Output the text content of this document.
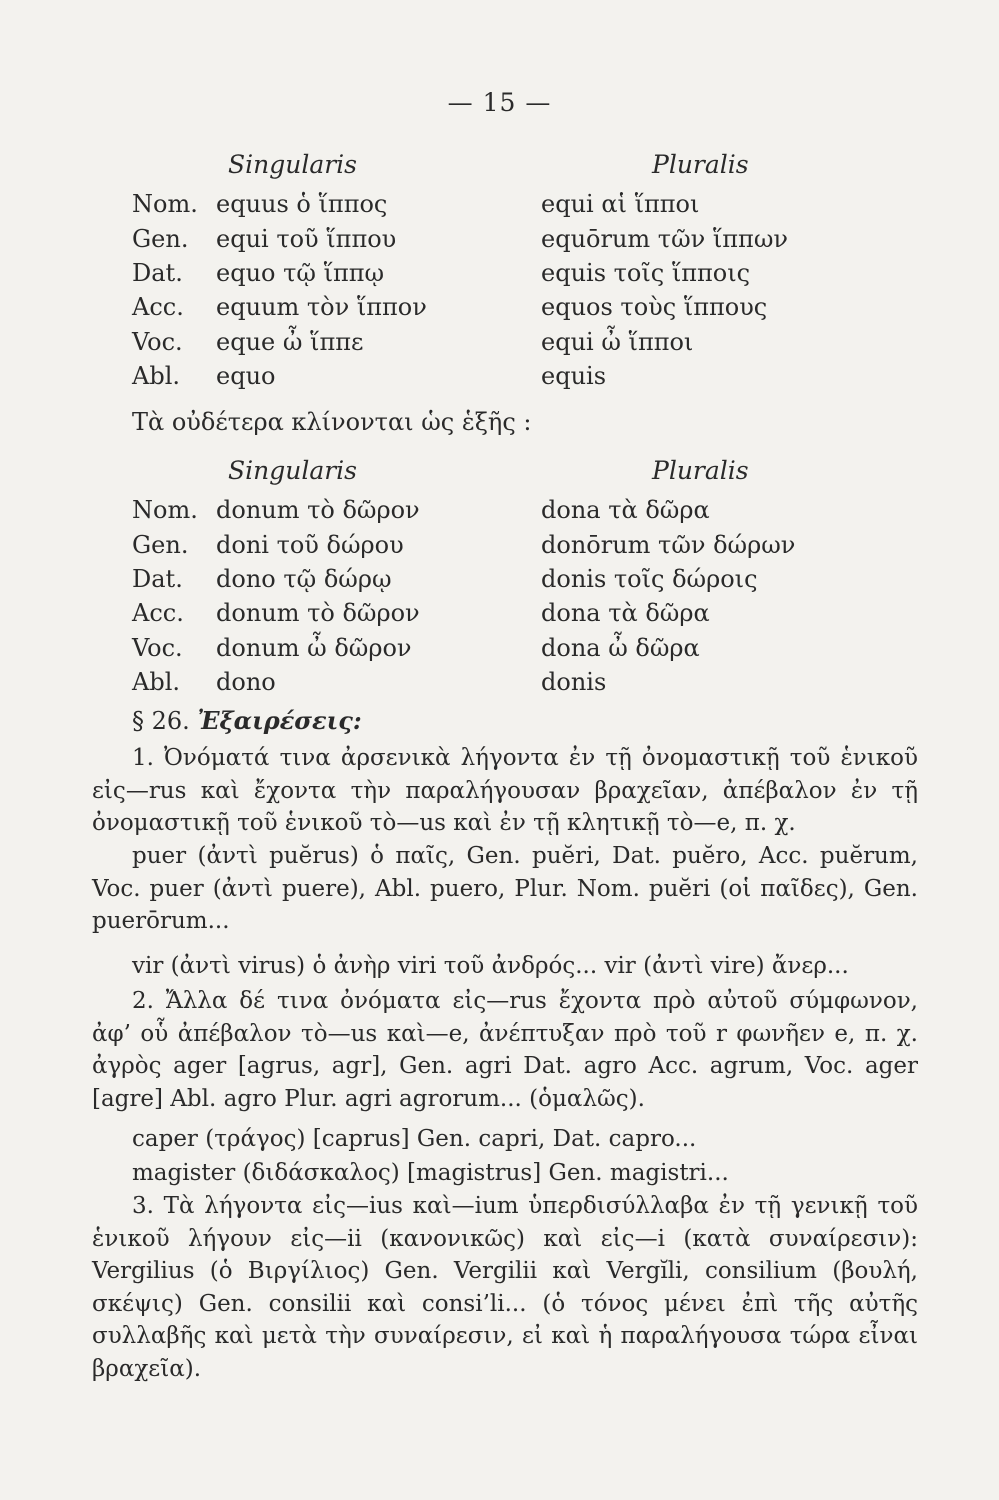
— 15 —
Singularis	Pluralis
Nom. equus ὁ ἵππος	equi αἱ ἵπποι
Gen. equi τοῦ ἵππου	equōrum τῶν ἵππων
Dat. equo τῷ ἵππῳ	equis τοῖς ἵπποις
Acc. equum τὸν ἵππον	equos τοὺς ἵππους
Voc. eque ὦ ἵππε	equi ὦ ἵπποι
Abl. equo	equis
Τὰ οὐδέτερα κλίνονται ὡς ἑξῆς :
Singularis	Pluralis
Nom. donum τὸ δῶρον	dona τὰ δῶρα
Gen. doni τοῦ δώρου	donōrum τῶν δώρων
Dat. dono τῷ δώρῳ	donis τοῖς δώροις
Acc. donum τὸ δῶρον	dona τὰ δῶρα
Voc. donum ὦ δῶρον	dona ὦ δῶρα
Abl. dono	donis
§ 26. Ἐξαιρέσεις:
1. Ὀνόματά τινα ἀρσενικὰ λήγοντα ἐν τῇ ὀνομαστικῇ τοῦ ἑνικοῦ εἰς—rus καὶ ἔχοντα τὴν παραλήγουσαν βραχεῖαν, ἀπέβαλον ἐν τῇ ὀνομαστικῇ τοῦ ἑνικοῦ τὸ—us καὶ ἐν τῇ κλητικῇ τὸ—e, π. χ.
puer (ἀντὶ puĕrus) ὁ παῖς, Gen. puĕri, Dat. puĕro, Acc. puĕrum, Voc. puer (ἀντὶ puere), Abl. puero, Plur. Nom. puĕri (οἱ παῖδες), Gen. puerōrum...
vir (ἀντὶ virus) ὁ ἀνὴρ viri τοῦ ἀνδρός... vir (ἀντὶ vire) ἄνερ...
2. Ἄλλα δέ τινα ὀνόματα εἰς—rus ἔχοντα πρὸ αὐτοῦ σύμφωνον, ἀφ’ οὗ ἀπέβαλον τὸ—us καὶ—e, ἀνέπτυξαν πρὸ τοῦ r φωνῆεν e, π. χ. ἀγρὸς ager [agrus, agr], Gen. agri Dat. agro Acc. agrum, Voc. ager [agre] Abl. agro Plur. agri agrorum... (ὁμαλῶς).
caper (τράγος) [caprus] Gen. capri, Dat. capro...
magister (διδάσκαλος) [magistrus] Gen. magistri...
3. Τὰ λήγοντα εἰς—ius καὶ—ium ὑπερδισύλλαβα ἐν τῇ γενικῇ τοῦ ἑνικοῦ λήγουν εἰς—ii (κανονικῶς) καὶ εἰς—i (κατὰ συναίρεσιν): Vergilius (ὁ Βιργίλιος) Gen. Vergilii καὶ Vergĭli, consilium (βουλή, σκέψις) Gen. consilii καὶ consi’li... (ὁ τόνος μένει ἐπὶ τῆς αὐτῆς συλλαβῆς καὶ μετὰ τὴν συναίρεσιν, εἰ καὶ ἡ παραλήγουσα τώρα εἶναι βραχεῖα).
